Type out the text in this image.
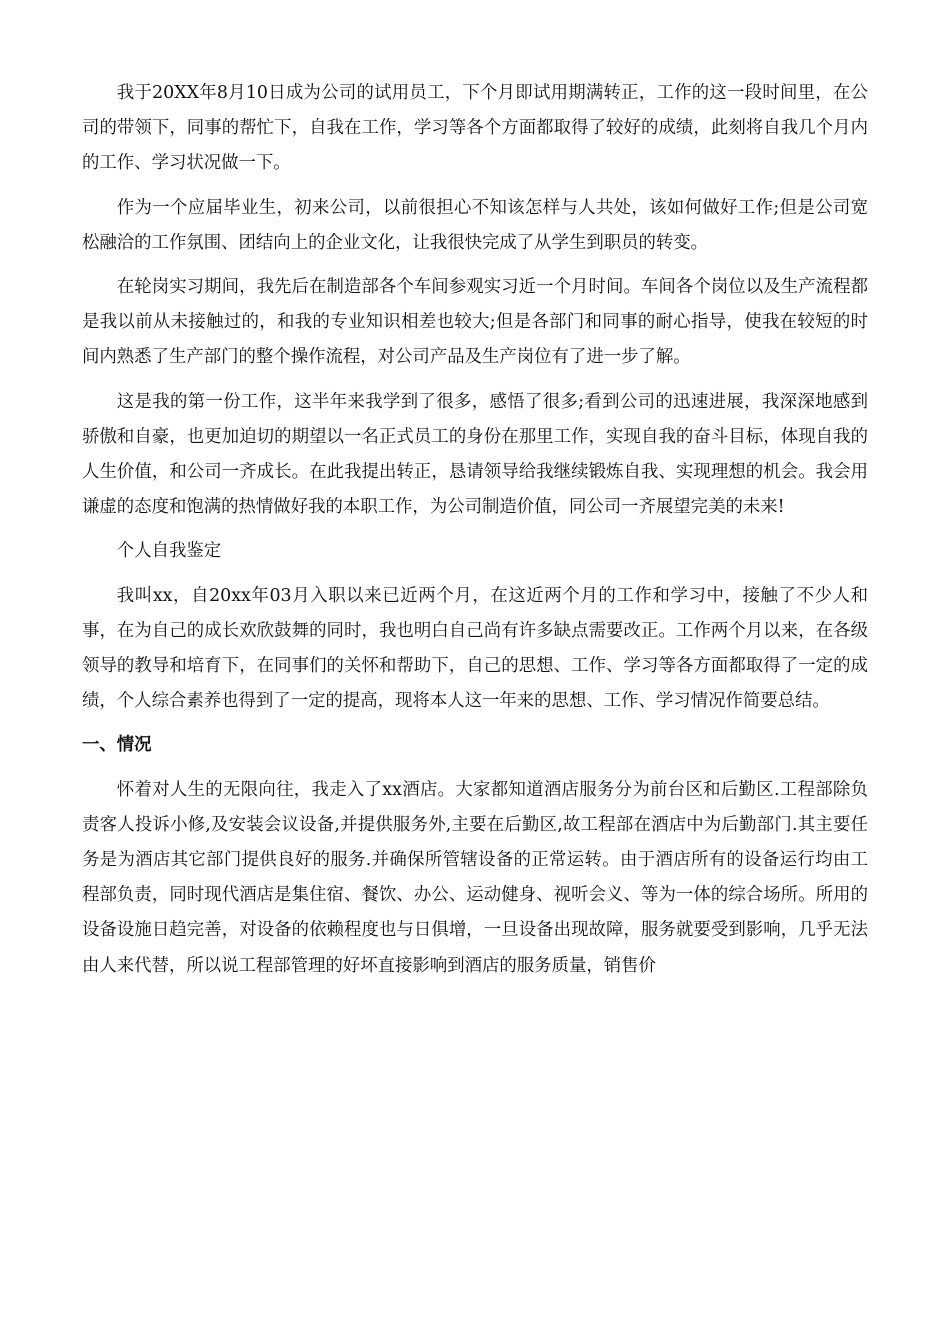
我于20XX年8月10日成为公司的试用员工，下个月即试用期满转正，工作的这一段时间里，在公司的带领下，同事的帮忙下，自我在工作，学习等各个方面都取得了较好的成绩，此刻将自我几个月内的工作、学习状况做一下。

作为一个应届毕业生，初来公司，以前很担心不知该怎样与人共处，该如何做好工作;但是公司宽松融洽的工作氛围、团结向上的企业文化，让我很快完成了从学生到职员的转变。

在轮岗实习期间，我先后在制造部各个车间参观实习近一个月时间。车间各个岗位以及生产流程都是我以前从未接触过的，和我的专业知识相差也较大;但是各部门和同事的耐心指导，使我在较短的时间内熟悉了生产部门的整个操作流程，对公司产品及生产岗位有了进一步了解。

这是我的第一份工作，这半年来我学到了很多，感悟了很多;看到公司的迅速进展，我深深地感到骄傲和自豪，也更加迫切的期望以一名正式员工的身份在那里工作，实现自我的奋斗目标，体现自我的人生价值，和公司一齐成长。在此我提出转正，恳请领导给我继续锻炼自我、实现理想的机会。我会用谦虚的态度和饱满的热情做好我的本职工作，为公司制造价值，同公司一齐展望完美的未来!

个人自我鉴定

我叫xx，自20xx年03月入职以来已近两个月，在这近两个月的工作和学习中，接触了不少人和事，在为自己的成长欢欣鼓舞的同时，我也明白自己尚有许多缺点需要改正。工作两个月以来，在各级领导的教导和培育下，在同事们的关怀和帮助下，自己的思想、工作、学习等各方面都取得了一定的成绩，个人综合素养也得到了一定的提高，现将本人这一年来的思想、工作、学习情况作简要总结。

一、情况

怀着对人生的无限向往，我走入了xx酒店。大家都知道酒店服务分为前台区和后勤区.工程部除负责客人投诉小修,及安装会议设备,并提供服务外,主要在后勤区,故工程部在酒店中为后勤部门.其主要任务是为酒店其它部门提供良好的服务.并确保所管辖设备的正常运转。由于酒店所有的设备运行均由工程部负责，同时现代酒店是集住宿、餐饮、办公、运动健身、视听会义、等为一体的综合场所。所用的设备设施日趋完善，对设备的依赖程度也与日俱增，一旦设备出现故障，服务就要受到影响，几乎无法由人来代替，所以说工程部管理的好坏直接影响到酒店的服务质量，销售价
